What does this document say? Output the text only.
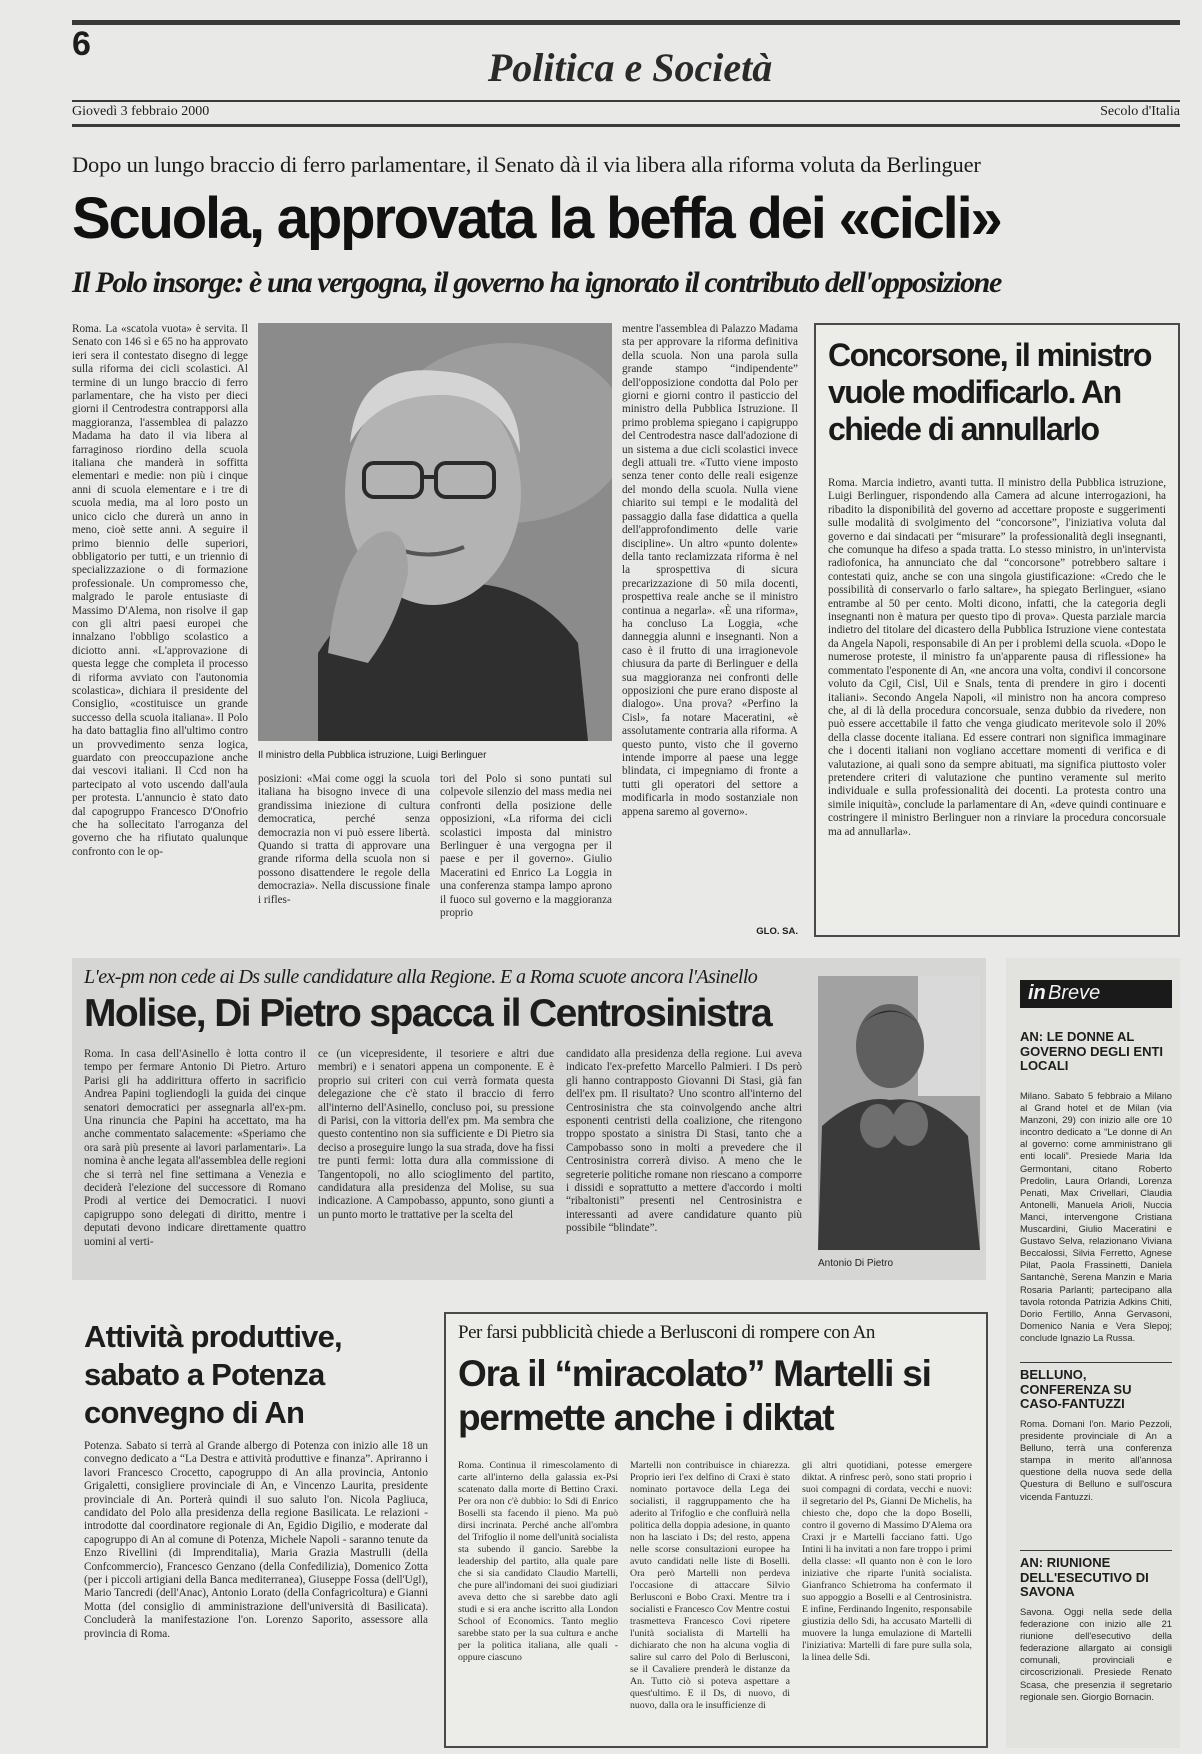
6
Politica e Società
Giovedì 3 febbraio 2000	Secolo d'Italia
Dopo un lungo braccio di ferro parlamentare, il Senato dà il via libera alla riforma voluta da Berlinguer
Scuola, approvata la beffa dei «cicli»
Il Polo insorge: è una vergogna, il governo ha ignorato il contributo dell'opposizione

Roma. La «scatola vuota» è servita. Il Senato con 146 sì e 65 no ha approvato ieri sera il contestato disegno di legge sulla riforma dei cicli scolastici. Al termine di un lungo braccio di ferro parlamentare, che ha visto per dieci giorni il Centrodestra contrapporsi alla maggioranza, l'assemblea di palazzo Madama ha dato il via libera al farraginoso riordino della scuola italiana che manderà in soffitta elementari e medie: non più i cinque anni di scuola elementare e i tre di scuola media, ma al loro posto un unico ciclo che durerà un anno in meno, cioè sette anni. A seguire il primo biennio delle superiori, obbligatorio per tutti, e un triennio di specializzazione o di formazione professionale. Un compromesso che, malgrado le parole entusiaste di Massimo D'Alema, non risolve il gap con gli altri paesi europei che innalzano l'obbligo scolastico a diciotto anni. «L'approvazione di questa legge che completa il processo di riforma avviato con l'autonomia scolastica», dichiara il presidente del Consiglio, «costituisce un grande successo della scuola italiana». Il Polo ha dato battaglia fino all'ultimo contro un provvedimento senza logica, guardato con preoccupazione anche dai vescovi italiani. Il Ccd non ha partecipato al voto uscendo dall'aula per protesta. L'annuncio è stato dato dal capogruppo Francesco D'Onofrio che ha sollecitato l'arroganza del governo che ha rifiutato qualunque confronto con le op-

Il ministro della Pubblica istruzione, Luigi Berlinguer

posizioni: «Mai come oggi la scuola italiana ha bisogno invece di una grandissima iniezione di cultura democratica, perché senza democrazia non vi può essere libertà. Quando si tratta di approvare una grande riforma della scuola non si possono disattendere le regole della democrazia». Nella discussione finale i rifles-

tori del Polo si sono puntati sul colpevole silenzio del mass media nei confronti della posizione delle opposizioni, «La riforma dei cicli scolastici imposta dal ministro Berlinguer è una vergogna per il paese e per il governo». Giulio Maceratini ed Enrico La Loggia in una conferenza stampa lampo aprono il fuoco sul governo e la maggioranza proprio

mentre l'assemblea di Palazzo Madama sta per approvare la riforma definitiva della scuola. Non una parola sulla grande stampo “indipendente” dell'opposizione condotta dal Polo per giorni e giorni contro il pasticcio del ministro della Pubblica Istruzione. Il primo problema spiegano i capigruppo del Centrodestra nasce dall'adozione di un sistema a due cicli scolastici invece degli attuali tre. «Tutto viene imposto senza tener conto delle reali esigenze del mondo della scuola. Nulla viene chiarito sui tempi e le modalità del passaggio dalla fase didattica a quella dell'approfondimento delle varie discipline». Un altro «punto dolente» della tanto reclamizzata riforma è nel la sprospettiva di sicura precarizzazione di 50 mila docenti, prospettiva reale anche se il ministro continua a negarla». «È una riforma», ha concluso La Loggia, «che danneggia alunni e insegnanti. Non a caso è il frutto di una irragionevole chiusura da parte di Berlinguer e della sua maggioranza nei confronti delle opposizioni che pure erano disposte al dialogo». Una prova? «Perfino la Cisl», fa notare Maceratini, «è assolutamente contraria alla riforma. A questo punto, visto che il governo intende imporre al paese una legge blindata, ci impegniamo di fronte a tutti gli operatori del settore a modificarla in modo sostanziale non appena saremo al governo».

GLO. SA.
Concorsone, il ministro vuole modificarlo. An chiede di annullarlo

Roma. Marcia indietro, avanti tutta. Il ministro della Pubblica istruzione, Luigi Berlinguer, rispondendo alla Camera ad alcune interrogazioni, ha ribadito la disponibilità del governo ad accettare proposte e suggerimenti sulle modalità di svolgimento del “concorsone”, l'iniziativa voluta dal governo e dai sindacati per “misurare” la professionalità degli insegnanti, che comunque ha difeso a spada tratta. Lo stesso ministro, in un'intervista radiofonica, ha annunciato che dal “concorsone” potrebbero saltare i contestati quiz, anche se con una singola giustificazione: «Credo che le possibilità di conservarlo o farlo saltare», ha spiegato Berlinguer, «siano entrambe al 50 per cento. Molti dicono, infatti, che la categoria degli insegnanti non è matura per questo tipo di prova». Questa parziale marcia indietro del titolare del dicastero della Pubblica Istruzione viene contestata da Angela Napoli, responsabile di An per i problemi della scuola. «Dopo le numerose proteste, il ministro fa un'apparente pausa di riflessione» ha commentato l'esponente di An, «ne ancora una volta, condivi il concorsone voluto da Cgil, Cisl, Uil e Snals, tenta di prendere in giro i docenti italiani». Secondo Angela Napoli, «il ministro non ha ancora compreso che, al di là della procedura concorsuale, senza dubbio da rivedere, non può essere accettabile il fatto che venga giudicato meritevole solo il 20% della classe docente italiana. Ed essere contrari non significa immaginare che i docenti italiani non vogliano accettare momenti di verifica e di valutazione, ai quali sono da sempre abituati, ma significa piuttosto voler pretendere criteri di valutazione che puntino veramente sul merito individuale e sulla professionalità dei docenti. La protesta contro una simile iniquità», conclude la parlamentare di An, «deve quindi continuare e costringere il ministro Berlinguer non a rinviare la procedura concorsuale ma ad annullarla».

L'ex-pm non cede ai Ds sulle candidature alla Regione. E a Roma scuote ancora l'Asinello
Molise, Di Pietro spacca il Centrosinistra

Roma. In casa dell'Asinello è lotta contro il tempo per fermare Antonio Di Pietro. Arturo Parisi gli ha addirittura offerto in sacrificio Andrea Papini togliendogli la guida dei cinque senatori democratici per assegnarla all'ex-pm. Una rinuncia che Papini ha accettato, ma ha anche commentato salacemente: «Speriamo che ora sarà più presente ai lavori parlamentari». La nomina è anche legata all'assemblea delle regioni che si terrà nel fine settimana a Venezia e deciderà l'elezione del successore di Romano Prodi al vertice dei Democratici. I nuovi capigruppo sono delegati di diritto, mentre i deputati devono indicare direttamente quattro uomini al verti-

ce (un vicepresidente, il tesoriere e altri due membri) e i senatori appena un componente. E è proprio sui criteri con cui verrà formata questa delegazione che c'è stato il braccio di ferro all'interno dell'Asinello, concluso poi, su pressione di Parisi, con la vittoria dell'ex pm. Ma sembra che questo contentino non sia sufficiente e Di Pietro sia deciso a proseguire lungo la sua strada, dove ha fissi tre punti fermi: lotta dura alla commissione di Tangentopoli, no allo scioglimento del partito, candidatura alla presidenza del Molise, su sua indicazione. A Campobasso, appunto, sono giunti a un punto morto le trattative per la scelta del

candidato alla presidenza della regione. Lui aveva indicato l'ex-prefetto Marcello Palmieri. I Ds però gli hanno contrapposto Giovanni Di Stasi, già fan dell'ex pm. Il risultato? Uno scontro all'interno del Centrosinistra che sta coinvolgendo anche altri esponenti centristi della coalizione, che ritengono troppo spostato a sinistra Di Stasi, tanto che a Campobasso sono in molti a prevedere che il Centrosinistra correrà diviso. A meno che le segreterie politiche romane non riescano a comporre i dissidi e soprattutto a mettere d'accordo i molti “ribaltonisti” presenti nel Centrosinistra e interessanti ad avere candidature quanto più possibile “blindate”.

Antonio Di Pietro
in Breve
AN: LE DONNE AL GOVERNO DEGLI ENTI LOCALI

Milano. Sabato 5 febbraio a Milano al Grand hotel et de Milan (via Manzoni, 29) con inizio alle ore 10 incontro dedicato a “Le donne di An al governo: come amministrano gli enti locali”. Presiede Maria Ida Germontani, citano Roberto Predolin, Laura Orlandi, Lorenza Penati, Max Crivellari, Claudia Antonelli, Manuela Arioli, Nuccia Manci, intervengone Cristiana Muscardini, Giulio Maceratini e Gustavo Selva, relazionano Viviana Beccalossi, Silvia Ferretto, Agnese Pilat, Paola Frassinetti, Daniela Santanchè, Serena Manzin e Maria Rosaria Parlanti; partecipano alla tavola rotonda Patrizia Adkins Chiti, Dorio Fertillo, Anna Gervasoni, Domenico Nania e Vera Slepoj; conclude Ignazio La Russa.

BELLUNO, CONFERENZA SU CASO-FANTUZZI

Roma. Domani l'on. Mario Pezzoli, presidente provinciale di An a Belluno, terrà una conferenza stampa in merito all'annosa questione della nuova sede della Questura di Belluno e sull'oscura vicenda Fantuzzi.

AN: RIUNIONE DELL'ESECUTIVO DI SAVONA

Savona. Oggi nella sede della federazione con inizio alle 21 riunione dell'esecutivo della federazione allargato ai consigli comunali, provinciali e circoscrizionali. Presiede Renato Scasa, che presenzia il segretario regionale sen. Giorgio Bornacin.

Attività produttive, sabato a Potenza convegno di An

Potenza. Sabato si terrà al Grande albergo di Potenza con inizio alle 18 un convegno dedicato a “La Destra e attività produttive e finanza”. Apriranno i lavori Francesco Crocetto, capogruppo di An alla provincia, Antonio Grigaletti, consigliere provinciale di An, e Vincenzo Laurita, presidente provinciale di An. Porterà quindi il suo saluto l'on. Nicola Pagliuca, candidato del Polo alla presidenza della regione Basilicata. Le relazioni - introdotte dal coordinatore regionale di An, Egidio Digilio, e moderate dal capogruppo di An al comune di Potenza, Michele Napoli - saranno tenute da Enzo Rivellini (di Imprenditalia), Maria Grazia Mastrulli (della Confcommercio), Francesco Genzano (della Confedilizia), Domenico Zotta (per i piccoli artigiani della Banca mediterranea), Giuseppe Fossa (dell'Ugl), Mario Tancredi (dell'Anac), Antonio Lorato (della Confagricoltura) e Gianni Motta (del consiglio di amministrazione dell'università di Basilicata). Concluderà la manifestazione l'on. Lorenzo Saporito, assessore alla provincia di Roma.

Per farsi pubblicità chiede a Berlusconi di rompere con An
Ora il “miracolato” Martelli si permette anche i diktat

Roma. Continua il rimescolamento di carte all'interno della galassia ex-Psi scatenato dalla morte di Bettino Craxi. Per ora non c'è dubbio: lo Sdi di Enrico Boselli sta facendo il pieno. Ma può dirsi incrinata. Perché anche all'ombra del Trifoglio il nome dell'unità socialista sta subendo il gancio. Sarebbe la leadership del partito, alla quale pare che si sia candidato Claudio Martelli, che pure all'indomani dei suoi giudiziari aveva detto che si sarebbe dato agli studi e si era anche iscritto alla London School of Economics. Tanto meglio sarebbe stato per la sua cultura e anche per la politica italiana, alle quali - oppure ciascuno

Martelli non contribuisce in chiarezza. Proprio ieri l'ex delfino di Craxi è stato nominato portavoce della Lega dei socialisti, il raggruppamento che ha aderito al Trifoglio e che confluirà nella politica della doppia adesione, in quanto non ha lasciato i Ds; del resto, appena nelle scorse consultazioni europee ha avuto candidati nelle liste di Boselli. Ora però Martelli non perdeva l'occasione di attaccare Silvio Berlusconi e Bobo Craxi. Mentre tra i socialisti e Francesco Cov Mentre costui trasmetteva Francesco Covi ripetere l'unità socialista di Martelli ha dichiarato che non ha alcuna voglia di salire sul carro del Polo di Berlusconi, se il Cavaliere prenderà le distanze da An. Tutto ciò si poteva aspettare a quest'ultimo. E il Ds, di nuovo, di nuovo, dalla ora le insufficienze di

gli altri quotidiani, potesse emergere diktat. A rinfresc però, sono stati proprio i suoi compagni di cordata, vecchi e nuovi: il segretario del Ps, Gianni De Michelis, ha chiesto che, dopo che la dopo Boselli, contro il governo di Massimo D'Alema ora Craxi jr e Martelli facciano fatti. Ugo Intini li ha invitati a non fare troppo i primi della classe: «Il quanto non è con le loro iniziative che riparte l'unità socialista. Gianfranco Schietroma ha confermato il suo appoggio a Boselli e al Centrosinistra. E infine, Ferdinando Ingenito, responsabile giustizia dello Sdi, ha accusato Martelli di muovere la lunga emulazione di Martelli l'iniziativa: Martelli di fare pure sulla sola, la linea delle Sdi.
